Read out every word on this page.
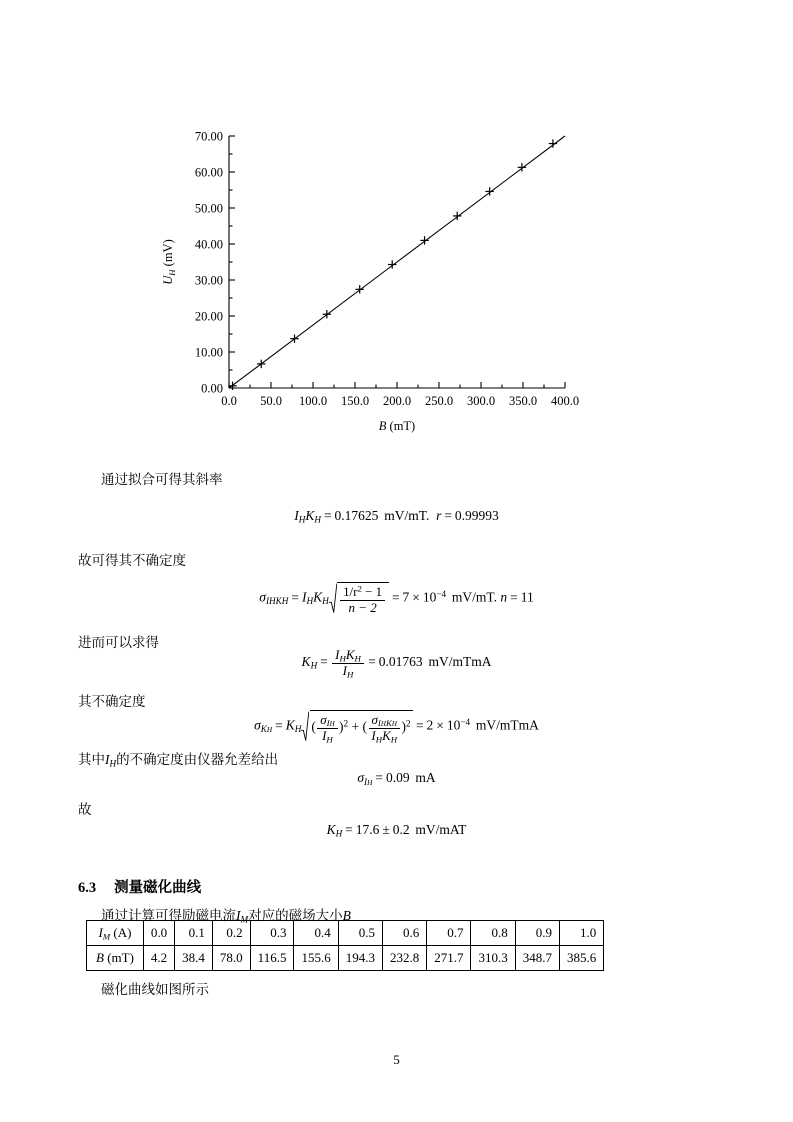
0.00
10.00
20.00
30.00
40.00
50.00
60.00
70.00
0.0 50.0 100.0 150.0 200.0 250.0 300.0 350.0 400.0
$U_H$ (mV)
B (mT)
通过拟合可得其斜率
$I_HK_H = 0.17625$ mV/mT. r = 0.99993
故可得其不确定度
$\sigma_{IHKH} = I_HK_H \frac{1/r^2 - 1}{n - 2} = 7 \times 10^{-4}$ mV/mT. n = 11
进而可以求得
$K_H = \frac{I_HK_H}{I_H} = 0.01763$ mV/mTmA
其不确定度
$\sigma_{KH} = K_H$ ( $\frac{\sigma_{IH}}{I_H} )^2$ + ( $\frac{\sigma_{IHKH}}{I_HK_H} )^2 = 2 \times 10^{-4}$ mV/mTmA
其中$I_H$的不确定度由仪器允差给出
$\sigma_{IH} = 0.09$ mA
故
$K_H = 17.6 \pm 0.2$ mV/mAT
6.3 测量磁化曲线
通过计算可得励磁电流$I_M$对应的磁场大小B
$I_M$ (A)	0.0	0.1	0.2	0.3	0.4	0.5	0.6	0.7	0.8	0.9	1.0
B (mT)	4.2	38.4	78.0	116.5	155.6	194.3	232.8	271.7	310.3	348.7	385.6
磁化曲线如图所示
5
